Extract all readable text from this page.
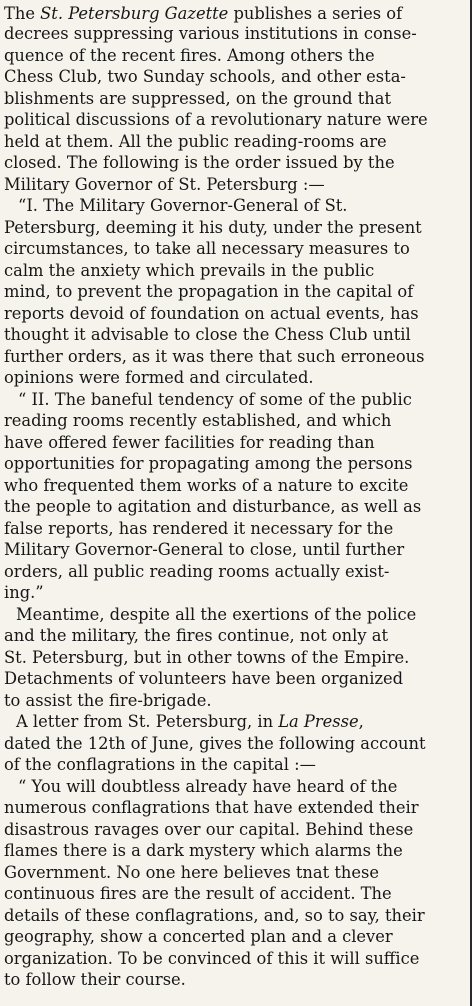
The St. Petersburg Gazette publishes a series of
decrees suppressing various institutions in conse-
quence of the recent fires. Among others the
Chess Club, two Sunday schools, and other esta-
blishments are suppressed, on the ground that
political discussions of a revolutionary nature were
held at them. All the public reading-rooms are
closed. The following is the order issued by the
Military Governor of St. Petersburg :—
“I. The Military Governor-General of St.
Petersburg, deeming it his duty, under the present
circumstances, to take all necessary measures to
calm the anxiety which prevails in the public
mind, to prevent the propagation in the capital of
reports devoid of foundation on actual events, has
thought it advisable to close the Chess Club until
further orders, as it was there that such erroneous
opinions were formed and circulated.
“ II. The baneful tendency of some of the public
reading rooms recently established, and which
have offered fewer facilities for reading than
opportunities for propagating among the persons
who frequented them works of a nature to excite
the people to agitation and disturbance, as well as
false reports, has rendered it necessary for the
Military Governor-General to close, until further
orders, all public reading rooms actually exist-
ing.”
Meantime, despite all the exertions of the police
and the military, the fires continue, not only at
St. Petersburg, but in other towns of the Empire.
Detachments of volunteers have been organized
to assist the fire-brigade.
A letter from St. Petersburg, in La Presse,
dated the 12th of June, gives the following account
of the conflagrations in the capital :—
“ You will doubtless already have heard of the
numerous conflagrations that have extended their
disastrous ravages over our capital. Behind these
flames there is a dark mystery which alarms the
Government. No one here believes tnat these
continuous fires are the result of accident. The
details of these conflagrations, and, so to say, their
geography, show a concerted plan and a clever
organization. To be convinced of this it will suffice
to follow their course.
